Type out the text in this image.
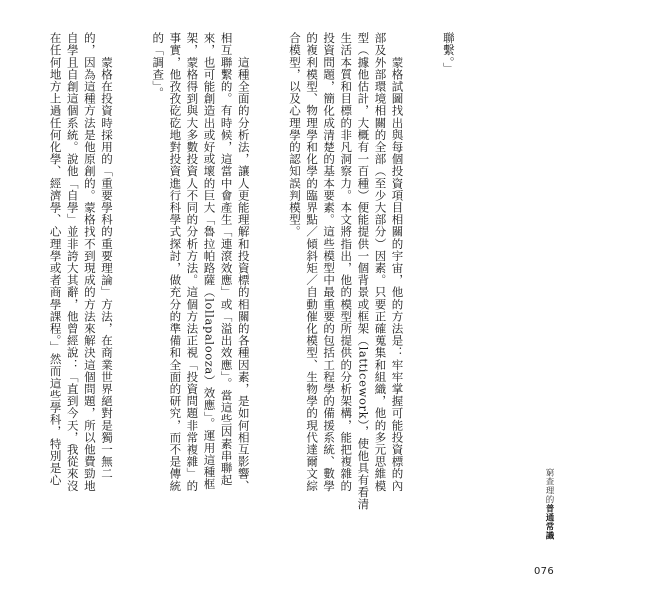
聯繫。」

　　蒙格試圖找出與每個投資項目相關的宇宙，他的方法是：牢牢掌握可能投資標的內
部及外部環境相關的全部（至少大部分）因素。只要正確蒐集和組織，他的多元思維模
型（據他估計，大概有一百種）便能提供一個背景或框架（latticework），使他具有看清
生活本質和目標的非凡洞察力。本文將指出，他的模型所提供的分析架構，能把複雜的
投資問題，簡化成清楚的基本要素。這些模型中最重要的包括工程學的備援系統、數學
的複利模型、物理學和化學的臨界點／傾斜矩／自動催化模型、生物學的現代達爾文綜
合模型，以及心理學的認知誤判模型。

　　這種全面的分析法，讓人更能理解和投資標的相關的各種因素，是如何相互影響、
相互聯繫的。有時候，這當中會產生「連滾效應」或「溢出效應」。當這些因素串聯起
來，也可能創造出或好或壞的巨大「魯拉帕路薩（lollapalooza）效應」。運用這種框
架，蒙格得到與大多數投資人不同的分析方法。這個方法正視「投資問題非常複雜」的
事實，他孜孜矻矻地對投資進行科學式探討，做充分的準備和全面的研究，而不是傳統
的「調查」。

　　蒙格在投資時採用的「重要學科的重要理論」方法，在商業世界絕對是獨一無二
的，因為這種方法是他原創的。蒙格找不到現成的方法來解決這個問題，所以他費勁地
自學且自創這個系統。說他「自學」並非誇大其辭，他曾經說：「直到今天，我從來沒
在任何地方上過任何化學、經濟學、心理學或者商學課程。」然而這些學科，特別是心

	窮查理的普通常識
076
